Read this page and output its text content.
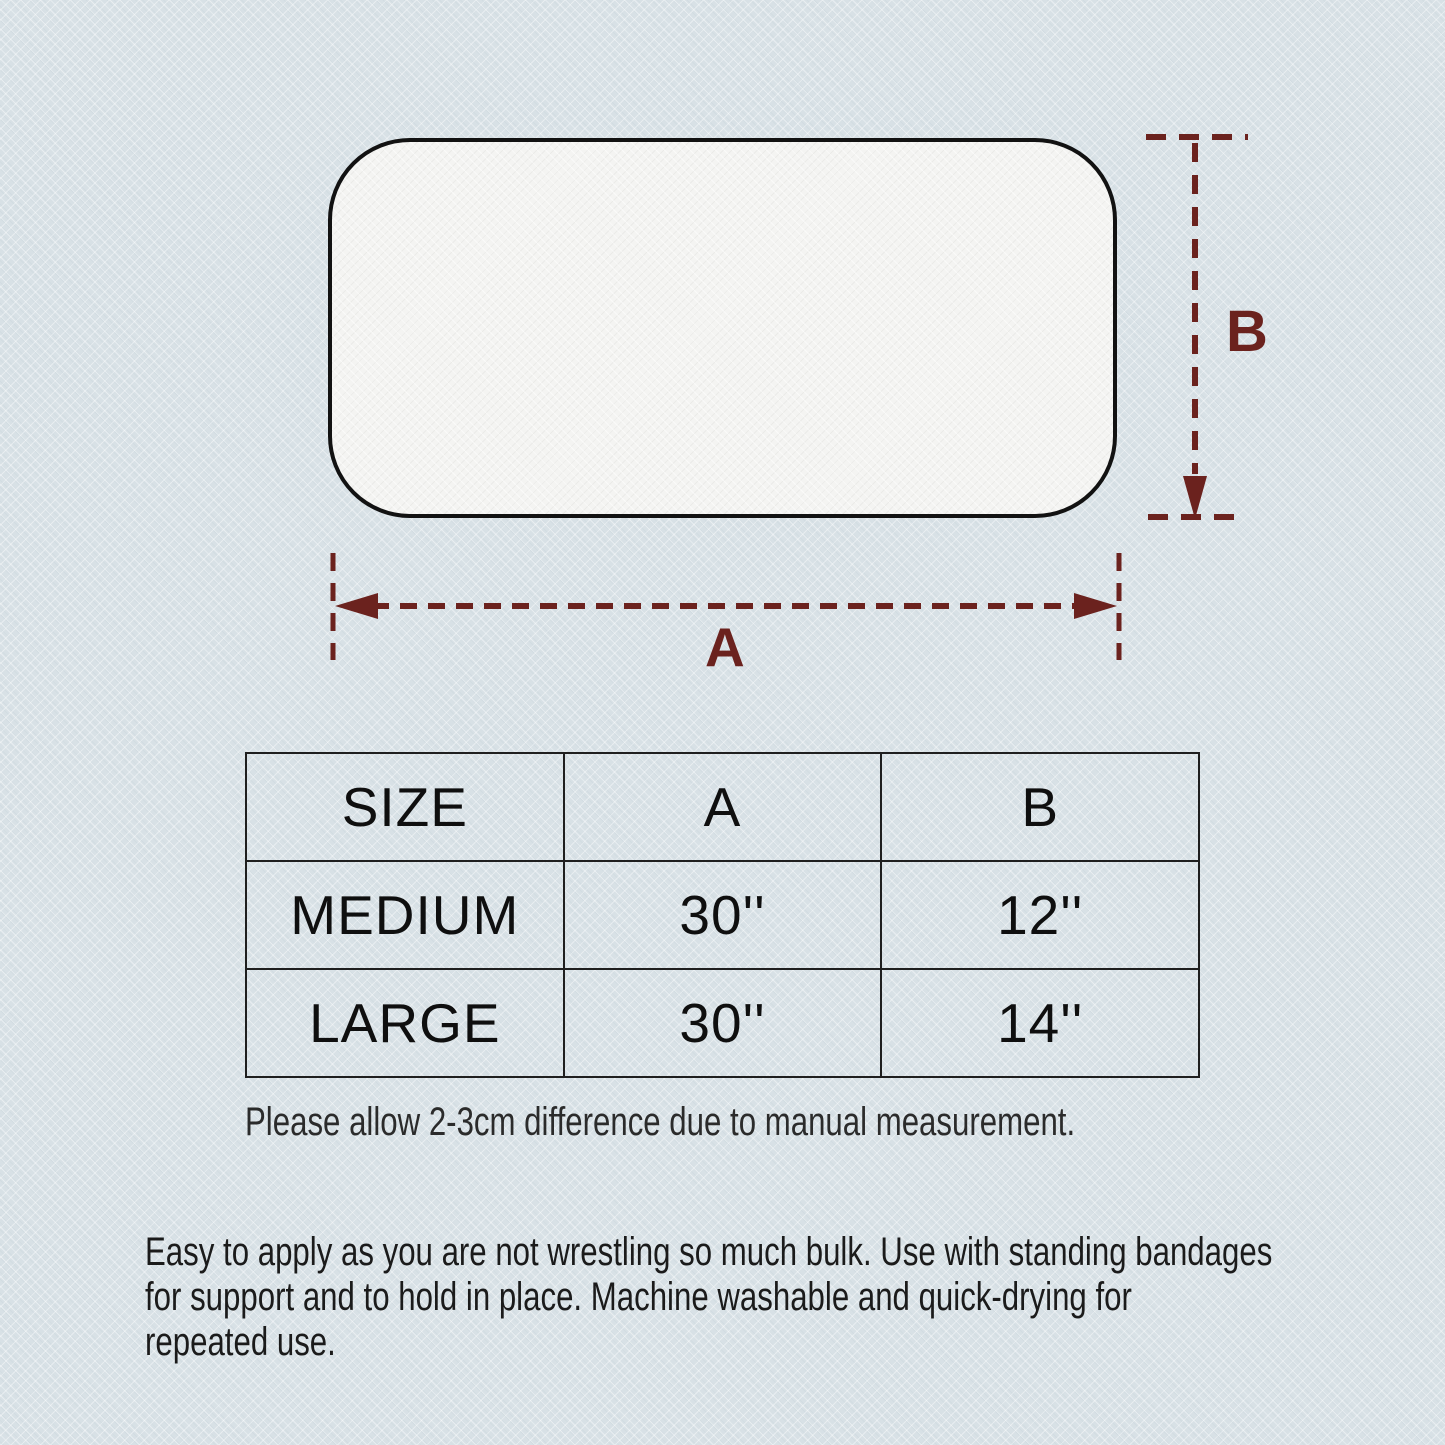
B
A
SIZE	A	B
MEDIUM	30''	12''
LARGE	30''	14''
Please allow 2-3cm difference due to manual measurement.
Easy to apply as you are not wrestling so much bulk. Use with standing bandages
for support and to hold in place. Machine washable and quick-drying for
repeated use.
